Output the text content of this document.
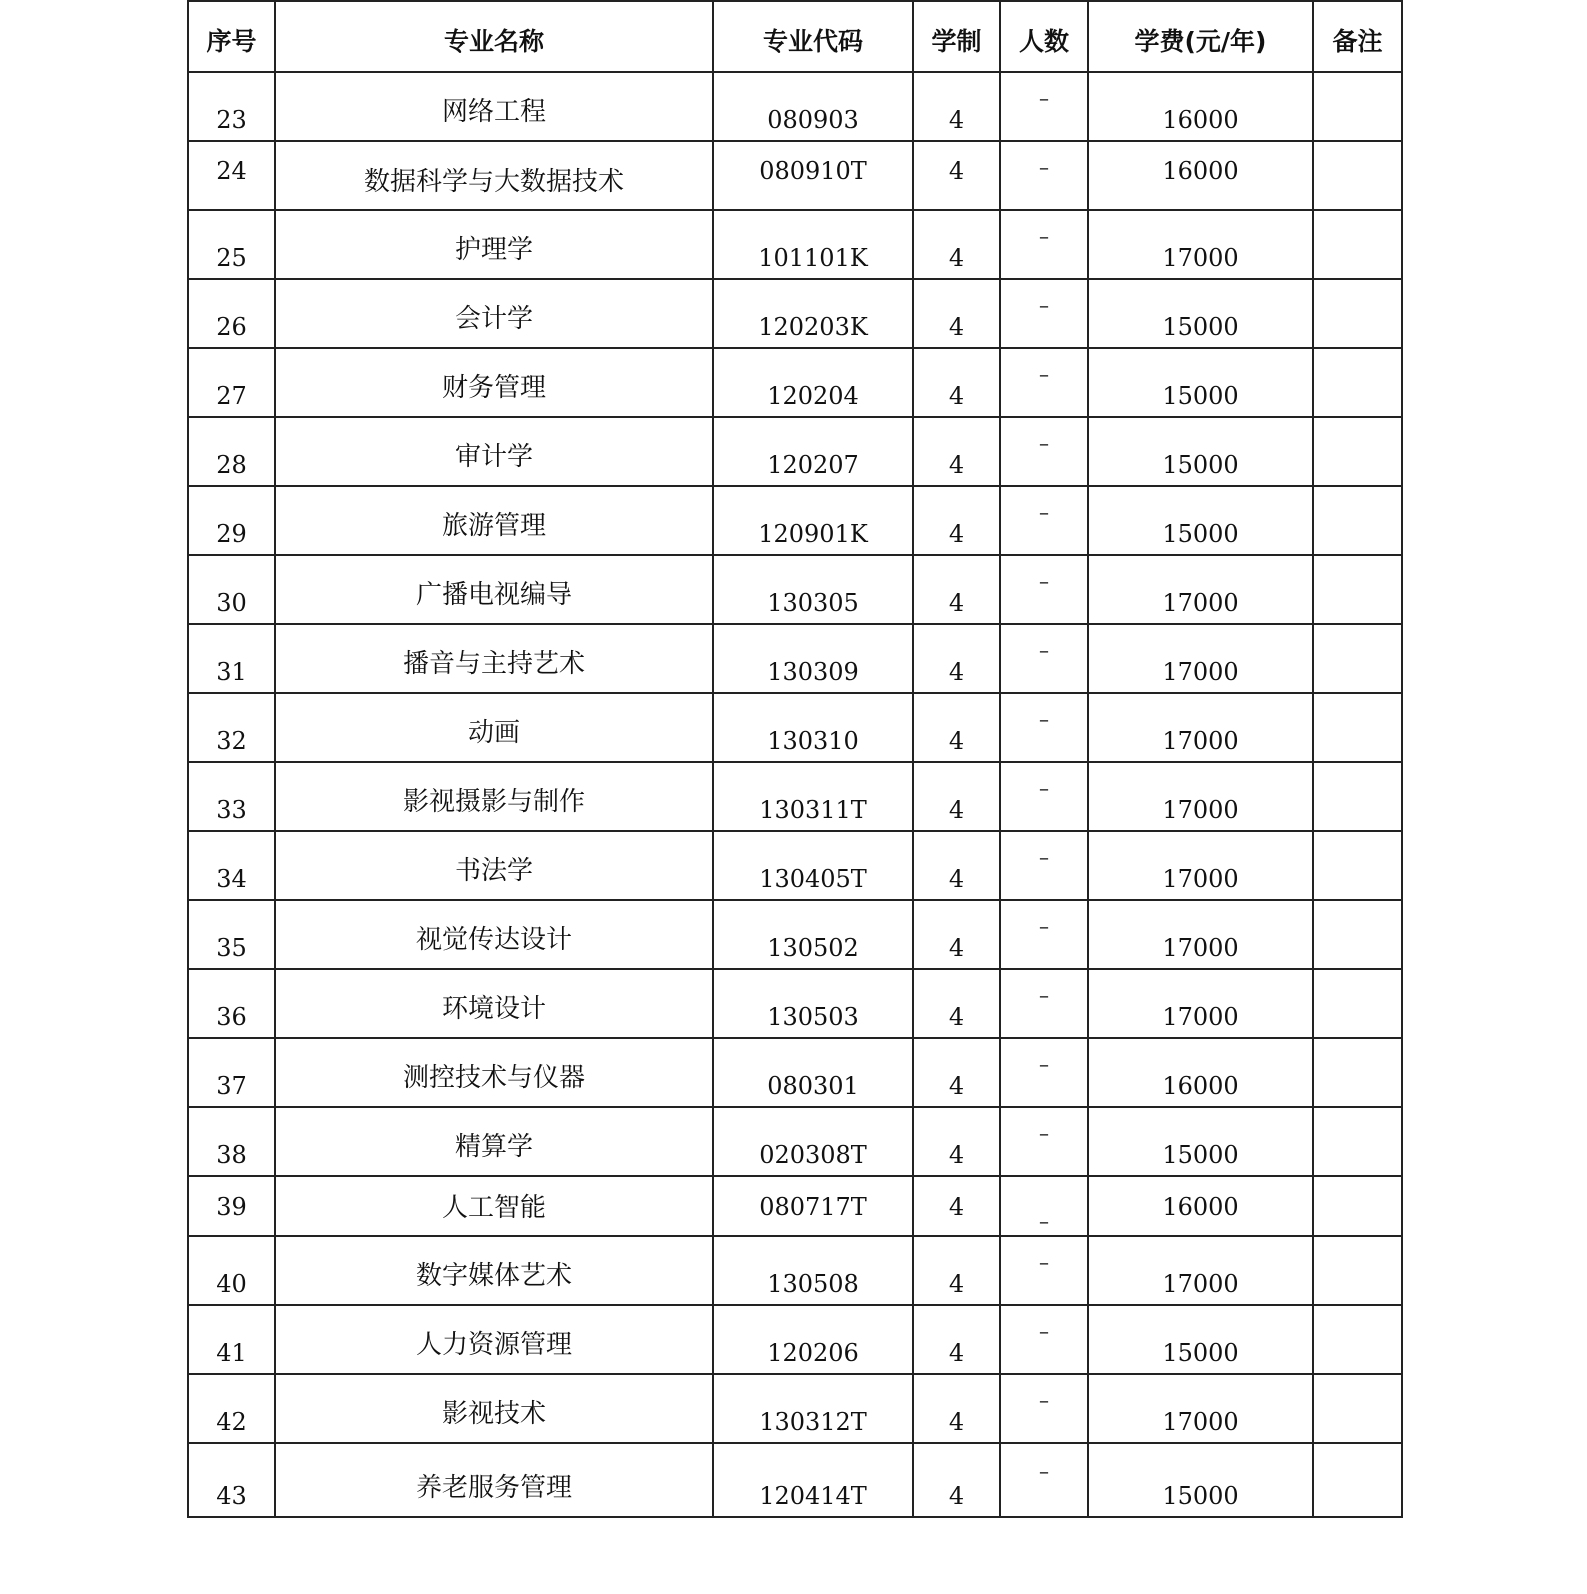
序号	专业名称	专业代码	学制	人数	学费(元/年)	备注
23	网络工程	080903	4	–	16000	
24	数据科学与大数据技术	080910T	4	–	16000	
25	护理学	101101K	4	–	17000	
26	会计学	120203K	4	–	15000	
27	财务管理	120204	4	–	15000	
28	审计学	120207	4	–	15000	
29	旅游管理	120901K	4	–	15000	
30	广播电视编导	130305	4	–	17000	
31	播音与主持艺术	130309	4	–	17000	
32	动画	130310	4	–	17000	
33	影视摄影与制作	130311T	4	–	17000	
34	书法学	130405T	4	–	17000	
35	视觉传达设计	130502	4	–	17000	
36	环境设计	130503	4	–	17000	
37	测控技术与仪器	080301	4	–	16000	
38	精算学	020308T	4	–	15000	
39	人工智能	080717T	4	–	16000	
40	数字媒体艺术	130508	4	–	17000	
41	人力资源管理	120206	4	–	15000	
42	影视技术	130312T	4	–	17000	
43	养老服务管理	120414T	4	–	15000	
